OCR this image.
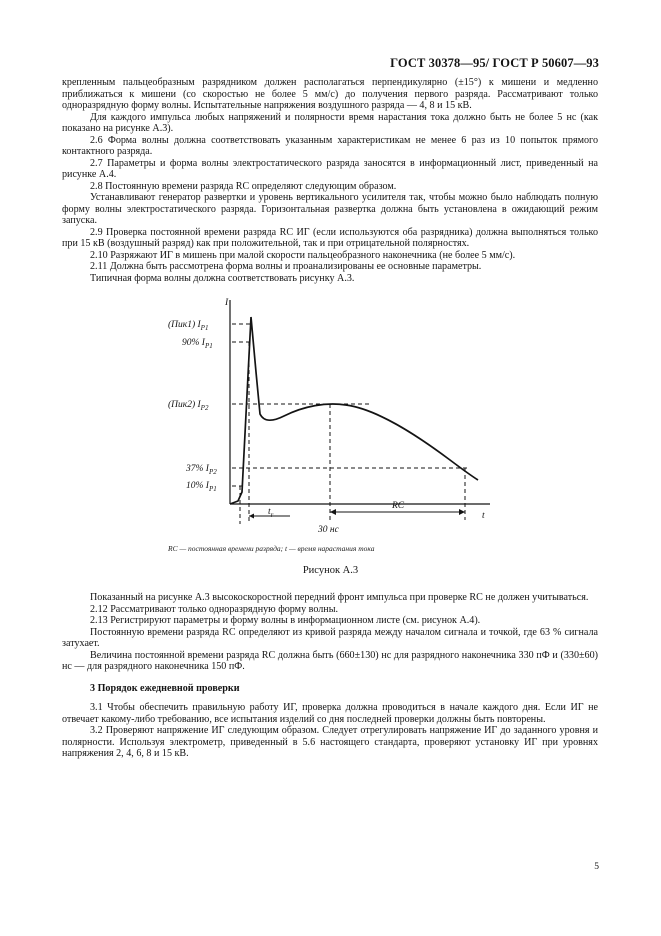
ГОСТ 30378—95/ ГОСТ Р 50607—93

крепленным пальцеобразным разрядником должен располагаться перпендикулярно (±15°) к мишени и медленно приближаться к мишени (со скоростью не более 5 мм/с) до получения первого разряда. Рассматривают только одноразрядную форму волны. Испытательные напряжения воздушного разряда — 4, 8 и 15 кВ.

Для каждого импульса любых напряжений и полярности время нарастания тока должно быть не более 5 нс (как показано на рисунке А.3).

2.6 Форма волны должна соответствовать указанным характеристикам не менее 6 раз из 10 попыток прямого контактного разряда.

2.7 Параметры и форма волны электростатического разряда заносятся в информационный лист, приведенный на рисунке А.4.

2.8 Постоянную времени разряда RC определяют следующим образом.

Устанавливают генератор развертки и уровень вертикального усилителя так, чтобы можно было наблюдать полную форму волны электростатического разряда. Горизонтальная развертка должна быть установлена в ожидающий режим запуска.

2.9 Проверка постоянной времени разряда RC ИГ (если используются оба разрядника) должна выполняться только при 15 кВ (воздушный разряд) как при положительной, так и при отрицательной полярностях.

2.10 Разряжают ИГ в мишень при малой скорости пальцеобразного наконечника (не более 5 мм/с).

2.11 Должна быть рассмотрена форма волны и проанализированы ее основные параметры.

Типичная форма волны должна соответствовать рисунку А.3.

I
t
(Пик1) $I_{P1}$
90% $I_{P1}$
(Пик2) $I_{P2}$
37% $I_{P2}$
10% $I_{P1}$
$t_r$
RC
30 нс
RC — постоянная времени разряда; t — время нарастания тока
Рисунок А.3

Показанный на рисунке А.3 высокоскоростной передний фронт импульса при проверке RC не должен учитываться.

2.12 Рассматривают только одноразрядную форму волны.

2.13 Регистрируют параметры и форму волны в информационном листе (см. рисунок А.4).

Постоянную времени разряда RC определяют из кривой разряда между началом сигнала и точкой, где 63 % сигнала затухает.

Величина постоянной времени разряда RC должна быть (660±130) нс для разрядного наконечника 330 пФ и (330±60) нс — для разрядного наконечника 150 пФ.

3 Порядок ежедневной проверки

3.1 Чтобы обеспечить правильную работу ИГ, проверка должна проводиться в начале каждого дня. Если ИГ не отвечает какому-либо требованию, все испытания изделий со дня последней проверки должны быть повторены.

3.2 Проверяют напряжение ИГ следующим образом. Следует отрегулировать напряжение ИГ до заданного уровня и полярности. Используя электрометр, приведенный в 5.6 настоящего стандарта, проверяют установку ИГ при уровнях напряжения 2, 4, 6, 8 и 15 кВ.

5
